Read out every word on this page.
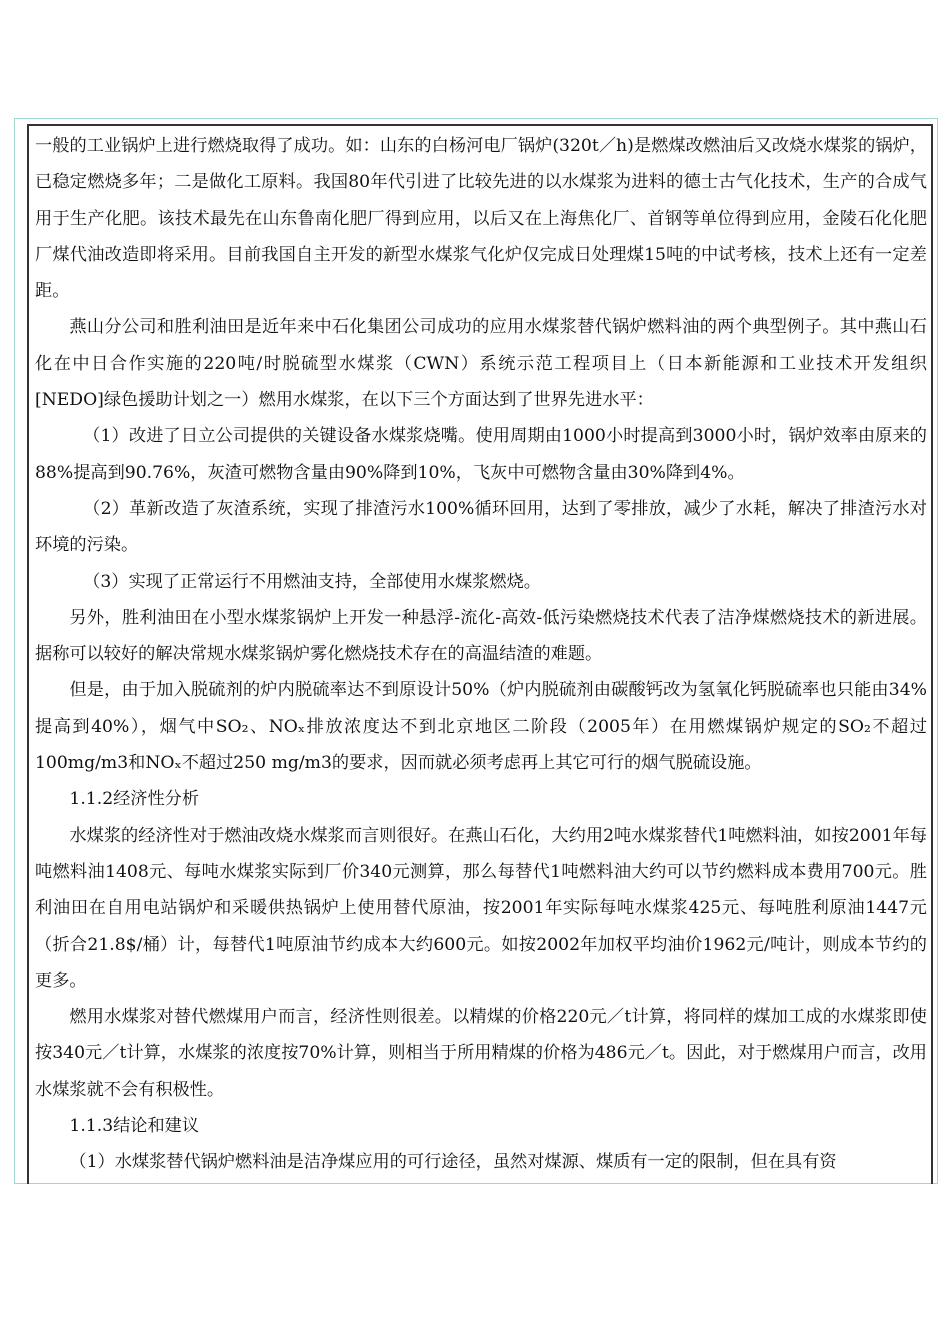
一般的工业锅炉上进行燃烧取得了成功。如：山东的白杨河电厂锅炉(320t／h)是燃煤改燃油后又改烧水煤浆的锅炉，已稳定燃烧多年；二是做化工原料。我国80年代引进了比较先进的以水煤浆为进料的德士古气化技术，生产的合成气用于生产化肥。该技术最先在山东鲁南化肥厂得到应用，以后又在上海焦化厂、首钢等单位得到应用，金陵石化化肥厂煤代油改造即将采用。目前我国自主开发的新型水煤浆气化炉仅完成日处理煤15吨的中试考核，技术上还有一定差距。

燕山分公司和胜利油田是近年来中石化集团公司成功的应用水煤浆替代锅炉燃料油的两个典型例子。其中燕山石化在中日合作实施的220吨/时脱硫型水煤浆（CWN）系统示范工程项目上（日本新能源和工业技术开发组织[NEDO]绿色援助计划之一）燃用水煤浆，在以下三个方面达到了世界先进水平：

（1）改进了日立公司提供的关键设备水煤浆烧嘴。使用周期由1000小时提高到3000小时，锅炉效率由原来的88%提高到90.76%，灰渣可燃物含量由90%降到10%，飞灰中可燃物含量由30%降到4%。

（2）革新改造了灰渣系统，实现了排渣污水100%循环回用，达到了零排放，减少了水耗，解决了排渣污水对环境的污染。

（3）实现了正常运行不用燃油支持，全部使用水煤浆燃烧。

另外，胜利油田在小型水煤浆锅炉上开发一种悬浮-流化-高效-低污染燃烧技术代表了洁净煤燃烧技术的新进展。据称可以较好的解决常规水煤浆锅炉雾化燃烧技术存在的高温结渣的难题。

但是，由于加入脱硫剂的炉内脱硫率达不到原设计50%（炉内脱硫剂由碳酸钙改为氢氧化钙脱硫率也只能由34%提高到40%），烟气中SO₂、NOₓ排放浓度达不到北京地区二阶段（2005年）在用燃煤锅炉规定的SO₂不超过100mg/m3和NOₓ不超过250 mg/m3的要求，因而就必须考虑再上其它可行的烟气脱硫设施。

1.1.2经济性分析

水煤浆的经济性对于燃油改烧水煤浆而言则很好。在燕山石化，大约用2吨水煤浆替代1吨燃料油，如按2001年每吨燃料油1408元、每吨水煤浆实际到厂价340元测算，那么每替代1吨燃料油大约可以节约燃料成本费用700元。胜利油田在自用电站锅炉和采暖供热锅炉上使用替代原油，按2001年实际每吨水煤浆425元、每吨胜利原油1447元（折合21.8$/桶）计，每替代1吨原油节约成本大约600元。如按2002年加权平均油价1962元/吨计，则成本节约的更多。

燃用水煤浆对替代燃煤用户而言，经济性则很差。以精煤的价格220元／t计算，将同样的煤加工成的水煤浆即使按340元／t计算，水煤浆的浓度按70%计算，则相当于所用精煤的价格为486元／t。因此，对于燃煤用户而言，改用水煤浆就不会有积极性。

1.1.3结论和建议

（1）水煤浆替代锅炉燃料油是洁净煤应用的可行途径，虽然对煤源、煤质有一定的限制，但在具有资
